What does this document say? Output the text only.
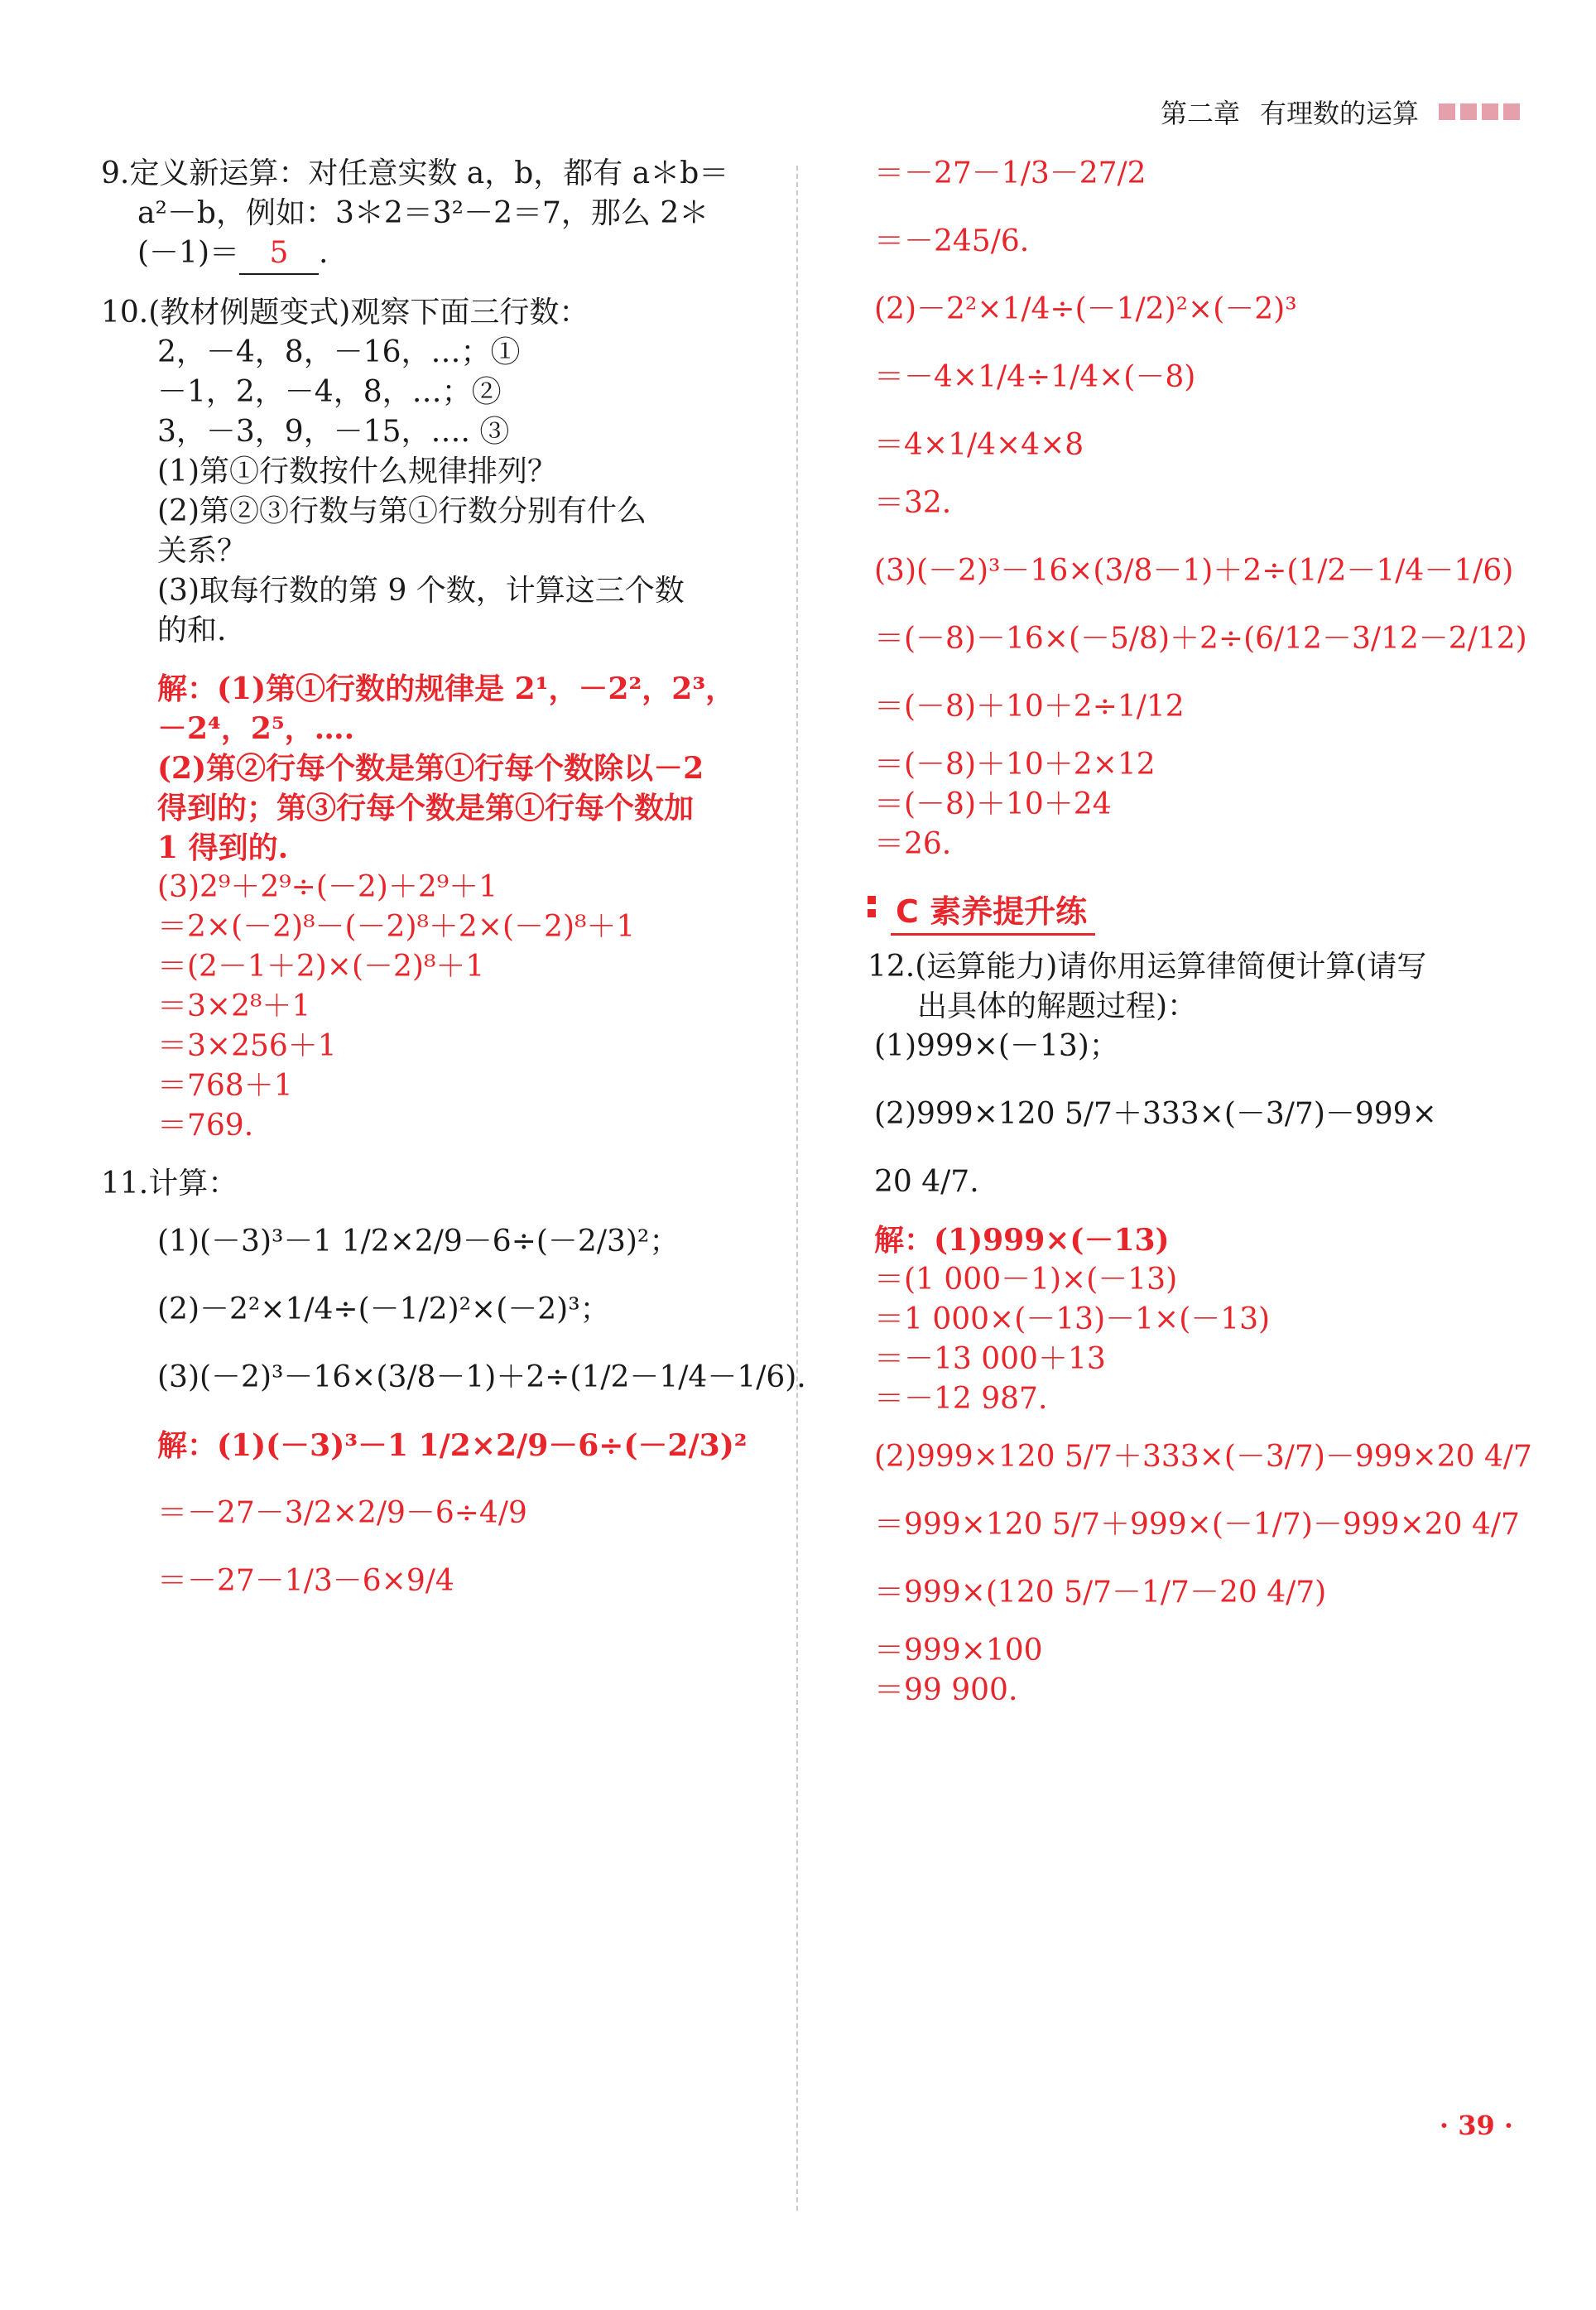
第二章 有理数的运算

9.定义新运算：对任意实数 a，b，都有 a＊b＝

a²－b，例如：3＊2＝3²－2＝7，那么 2＊

(－1)＝ 5 .

10.(教材例题变式)观察下面三行数：

2，－4，8，－16，…；①

－1，2，－4，8，…；②

3，－3，9，－15，…. ③

(1)第①行数按什么规律排列？

(2)第②③行数与第①行数分别有什么

关系？

(3)取每行数的第 9 个数，计算这三个数

的和.

解：(1)第①行数的规律是 2¹，－2²，2³，

－2⁴，2⁵，….

(2)第②行每个数是第①行每个数除以－2

得到的；第③行每个数是第①行每个数加

1 得到的.

(3)2⁹＋2⁹÷(－2)＋2⁹＋1

＝2×(－2)⁸－(－2)⁸＋2×(－2)⁸＋1

＝(2－1＋2)×(－2)⁸＋1

＝3×2⁸＋1

＝3×256＋1

＝768＋1

＝769.

11.计算：

(1)(－3)³－1 1/2×2/9－6÷(－2/3)²；

(2)－2²×1/4÷(－1/2)²×(－2)³；

(3)(－2)³－16×(3/8－1)＋2÷(1/2－1/4－1/6).

解：(1)(－3)³－1 1/2×2/9－6÷(－2/3)²

＝－27－3/2×2/9－6÷4/9

＝－27－1/3－6×9/4

＝－27－1/3－27/2

＝－245/6.

(2)－2²×1/4÷(－1/2)²×(－2)³

＝－4×1/4÷1/4×(－8)

＝4×1/4×4×8

＝32.

(3)(－2)³－16×(3/8－1)＋2÷(1/2－1/4－1/6)

＝(－8)－16×(－5/8)＋2÷(6/12－3/12－2/12)

＝(－8)＋10＋2÷1/12

＝(－8)＋10＋2×12

＝(－8)＋10＋24

＝26.

C 素养提升练

12.(运算能力)请你用运算律简便计算(请写

出具体的解题过程)：

(1)999×(－13)；

(2)999×120 5/7＋333×(－3/7)－999×

20 4/7.

解：(1)999×(－13)

＝(1 000－1)×(－13)

＝1 000×(－13)－1×(－13)

＝－13 000＋13

＝－12 987.

(2)999×120 5/7＋333×(－3/7)－999×20 4/7

＝999×120 5/7＋999×(－1/7)－999×20 4/7

＝999×(120 5/7－1/7－20 4/7)

＝999×100

＝99 900.

· 39 ·
